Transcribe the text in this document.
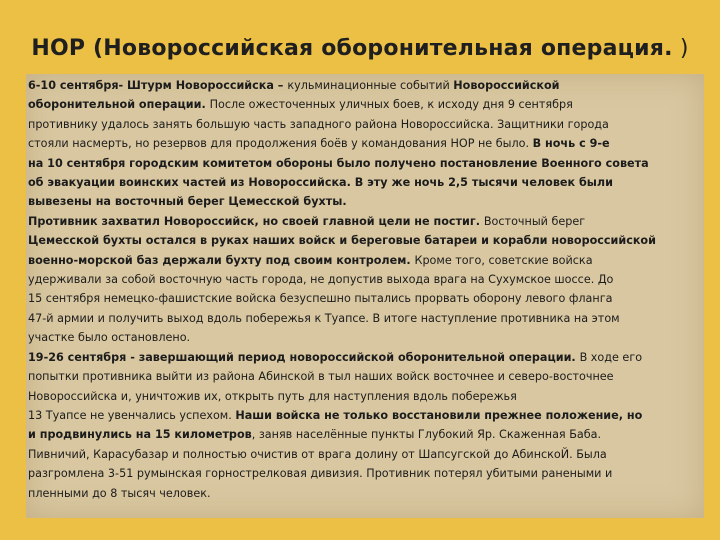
НОР (Новороссийская оборонительная операция. )

6-10 сентября- Штурм Новороссийска – кульминационные событий Новороссийской
оборонительной операции. После ожесточенных уличных боев, к исходу дня 9 сентября
противнику удалось занять большую часть западного района Новороссийска. Защитники города
стояли насмерть, но резервов для продолжения боёв у командования НОР не было. В ночь с 9-е
на 10 сентября городским комитетом обороны было получено постановление Военного совета
об эвакуации воинских частей из Новороссийска. В эту же ночь 2,5 тысячи человек были
вывезены на восточный берег Цемесской бухты.

Противник захватил Новороссийск, но своей главной цели не постиг. Восточный берег
Цемесской бухты остался в руках наших войск и береговые батареи и корабли новороссийской
военно-морской баз держали бухту под своим контролем. Кроме того, советские войска
удерживали за собой восточную часть города, не допустив выхода врага на Сухумское шоссе. До
15 сентября немецко-фашистские войска безуспешно пытались прорвать оборону левого фланга
47-й армии и получить выход вдоль побережья к Туапсе. В итоге наступление противника на этом
участке было остановлено.

19-26 сентября - завершающий период новороссийской оборонительной операции. В ходе его
попытки противника выйти из района Абинской в тыл наших войск восточнее и северо-восточнее
Новороссийска и, уничтожив их, открыть путь для наступления вдоль побережья

13 Туапсе не увенчались успехом. Наши войска не только восстановили прежнее положение, но
и продвинулись на 15 километров, заняв населённые пункты Глубокий Яр. Скаженная Баба.
Пивничий, Карасубазар и полностью очистив от врага долину от Шапсугской до АбинскоЙ. Была
разгромлена 3-51 румынская горнострелковая дивизия. Противник потерял убитыми ранеными и
пленными до 8 тысяч человек.
